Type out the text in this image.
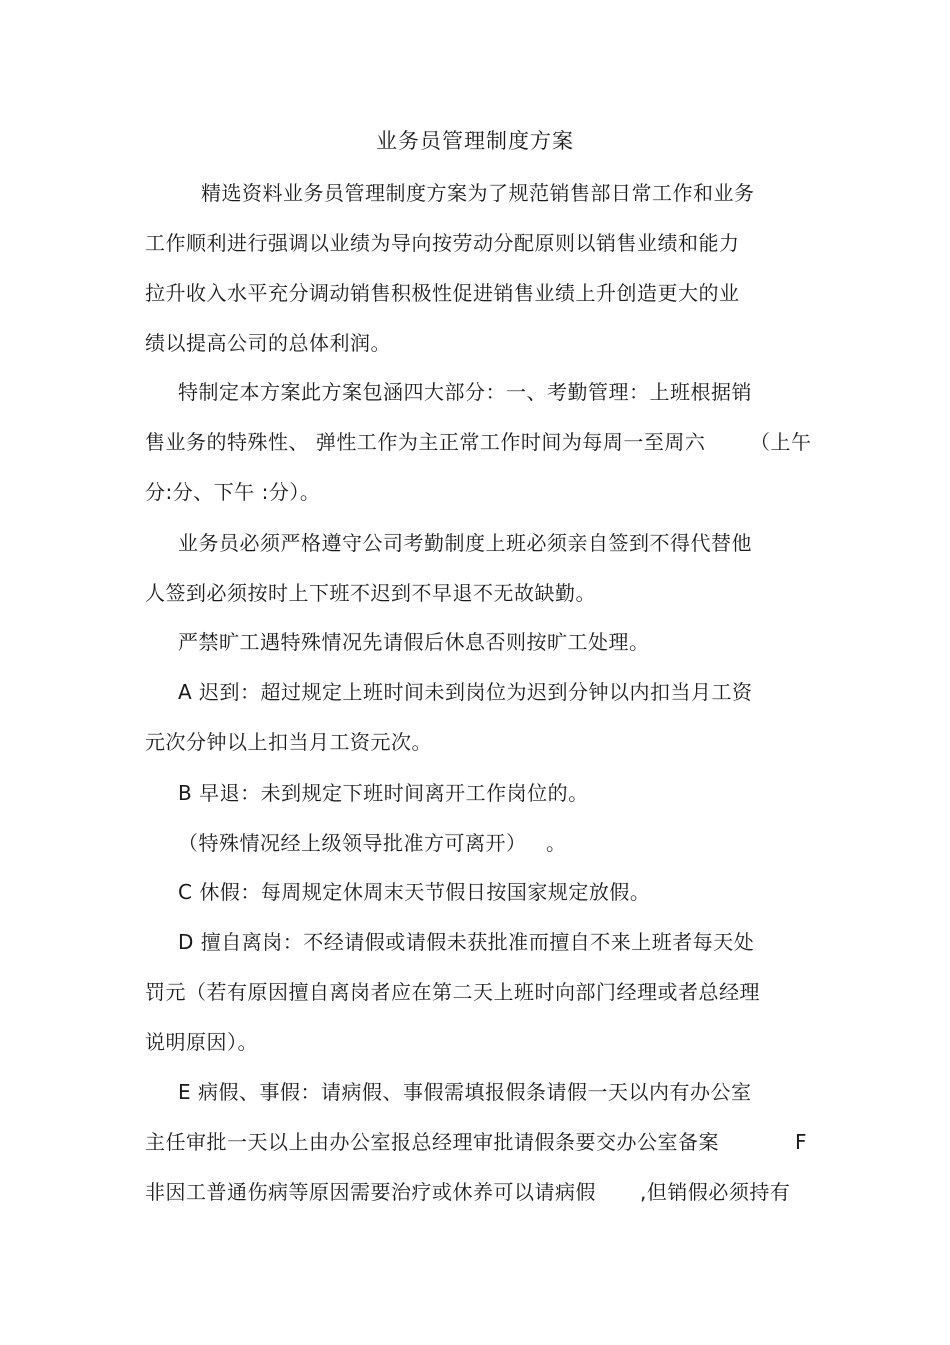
业务员管理制度方案
精选资料业务员管理制度方案为了规范销售部日常工作和业务
工作顺利进行强调以业绩为导向按劳动分配原则以销售业绩和能力
拉升收入水平充分调动销售积极性促进销售业绩上升创造更大的业
绩以提高公司的总体利润。
特制定本方案此方案包涵四大部分：一、考勤管理：上班根据销
售业务的特殊性、 弹性工作为主正常工作时间为每周一至周六 （上午
分:分、下午 :分）。
业务员必须严格遵守公司考勤制度上班必须亲自签到不得代替他
人签到必须按时上下班不迟到不早退不无故缺勤。
严禁旷工遇特殊情况先请假后休息否则按旷工处理。
A 迟到：超过规定上班时间未到岗位为迟到分钟以内扣当月工资
元次分钟以上扣当月工资元次。
B 早退：未到规定下班时间离开工作岗位的。
（特殊情况经上级领导批准方可离开） 。
C 休假：每周规定休周末天节假日按国家规定放假。
D 擅自离岗：不经请假或请假未获批准而擅自不来上班者每天处
罚元（若有原因擅自离岗者应在第二天上班时向部门经理或者总经理
说明原因）。
E 病假、事假：请病假、事假需填报假条请假一天以内有办公室
主任审批一天以上由办公室报总经理审批请假条要交办公室备案	F
非因工普通伤病等原因需要治疗或休养可以请病假 ,但销假必须持有
